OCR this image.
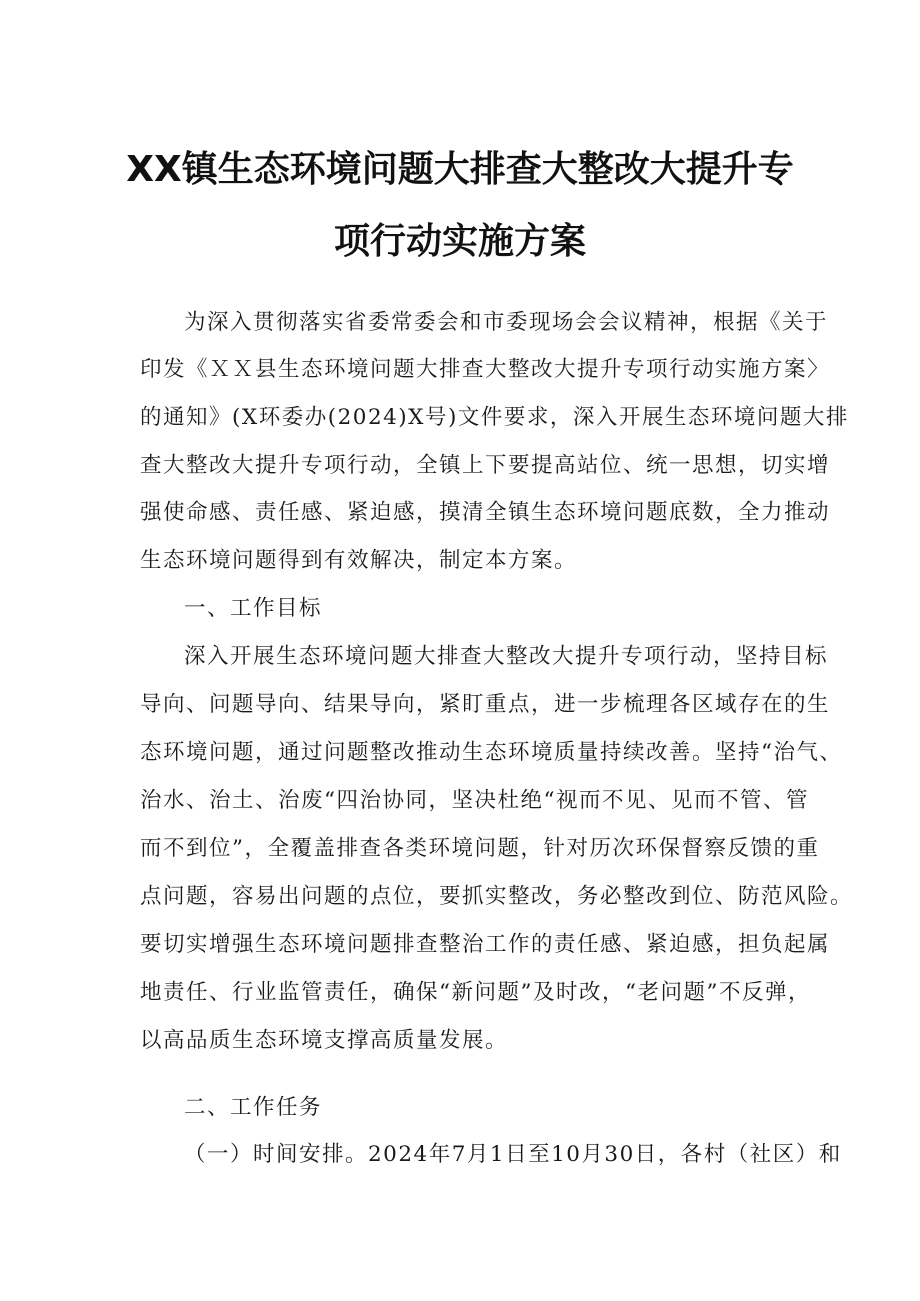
XX镇生态环境问题大排查大整改大提升专
项行动实施方案
为深入贯彻落实省委常委会和市委现场会会议精神，根据《关于
印发《ＸＸ县生态环境问题大排查大整改大提升专项行动实施方案〉
的通知》(X环委办(2024)X号)文件要求，深入开展生态环境问题大排
查大整改大提升专项行动，全镇上下要提高站位、统一思想，切实增
强使命感、责任感、紧迫感，摸清全镇生态环境问题底数，全力推动
生态环境问题得到有效解决，制定本方案。
一、工作目标
深入开展生态环境问题大排查大整改大提升专项行动，坚持目标
导向、问题导向、结果导向，紧盯重点，进一步梳理各区域存在的生
态环境问题，通过问题整改推动生态环境质量持续改善。坚持“治气、
治水、治土、治废“四治协同，坚决杜绝“视而不见、见而不管、管
而不到位”，全覆盖排查各类环境问题，针对历次环保督察反馈的重
点问题，容易出问题的点位，要抓实整改，务必整改到位、防范风险。
要切实增强生态环境问题排查整治工作的责任感、紧迫感，担负起属
地责任、行业监管责任，确保“新问题”及时改，“老问题”不反弹，
以高品质生态环境支撑高质量发展。
二、工作任务
（一）时间安排。2024年7月1日至10月30日，各村（社区）和
